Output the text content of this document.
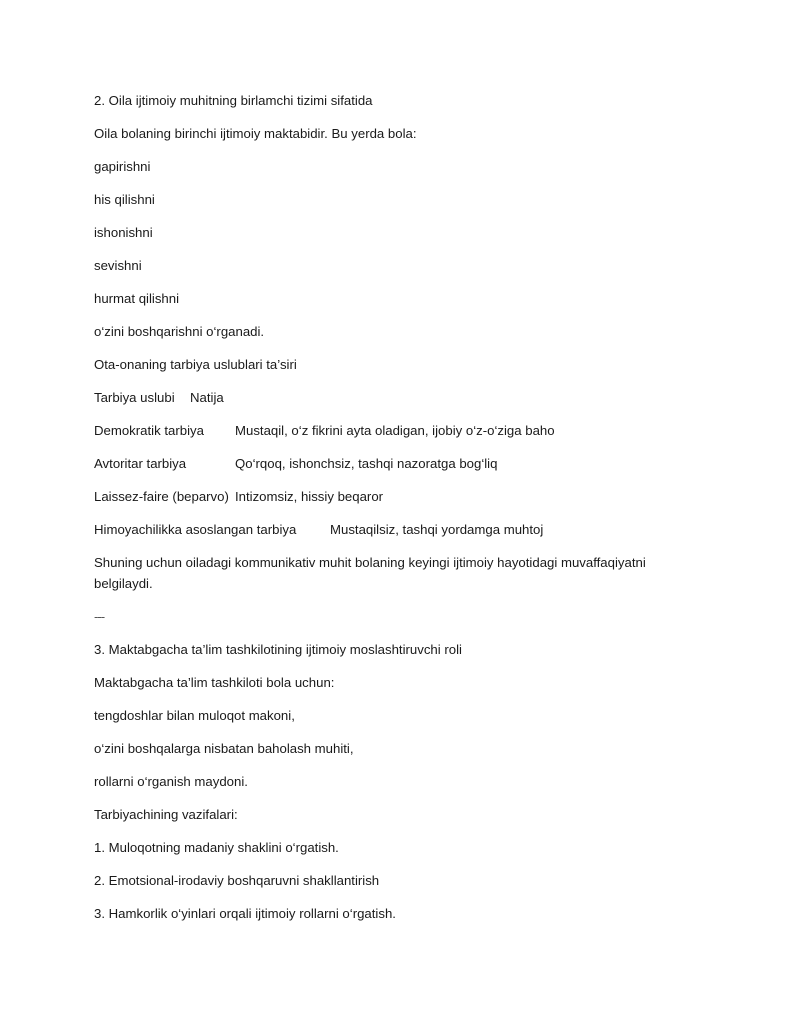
2. Oila ijtimoiy muhitning birlamchi tizimi sifatida

Oila bolaning birinchi ijtimoiy maktabidir. Bu yerda bola:

gapirishni

his qilishni

ishonishni

sevishni

hurmat qilishni

o‘zini boshqarishni o‘rganadi.

Ota-onaning tarbiya uslublari ta’siri

Tarbiya uslubi	Natija
Demokratik tarbiya	Mustaqil, o‘z fikrini ayta oladigan, ijobiy o‘z-o‘ziga baho
Avtoritar tarbiya	Qo‘rqoq, ishonchsiz, tashqi nazoratga bog‘liq
Laissez-faire (beparvo) Intizomsiz, hissiy beqaror
Himoyachilikka asoslangan tarbiya	Mustaqilsiz, tashqi yordamga muhtoj

Shuning uchun oiladagi kommunikativ muhit bolaning keyingi ijtimoiy hayotidagi muvaffaqiyatni belgilaydi.

---

3. Maktabgacha ta’lim tashkilotining ijtimoiy moslashtiruvchi roli

Maktabgacha ta’lim tashkiloti bola uchun:

tengdoshlar bilan muloqot makoni,

o‘zini boshqalarga nisbatan baholash muhiti,

rollarni o‘rganish maydoni.

Tarbiyachining vazifalari:

1. Muloqotning madaniy shaklini o‘rgatish.

2. Emotsional-irodaviy boshqaruvni shakllantirish

3. Hamkorlik o‘yinlari orqali ijtimoiy rollarni o‘rgatish.
